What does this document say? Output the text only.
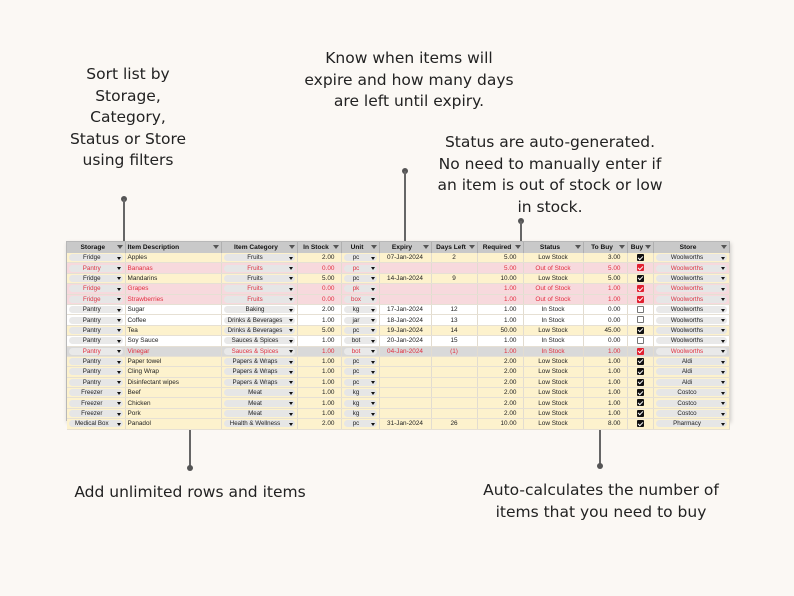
Sort list by
Storage,
Category,
Status or Store
using filters
Know when items will
expire and how many days
are left until expiry.
Status are auto-generated.
No need to manually enter if
an item is out of stock or low
in stock.
Add unlimited rows and items	Auto-calculates the number of
items that you need to buy
Storage	Item Description	Item Category	In Stock	Unit	Expiry	Days Left	Required	Status	To Buy	Buy	Store

Fridge	Apples	Fruits	2.00	pc	07-Jan-2024	2	5.00	Low Stock	3.00		Woolworths

Pantry	Bananas	Fruits	0.00	pc			5.00	Out of Stock	5.00		Woolworths

Fridge	Mandarins	Fruits	5.00	pc	14-Jan-2024	9	10.00	Low Stock	5.00		Woolworths

Fridge	Grapes	Fruits	0.00	pk			1.00	Out of Stock	1.00		Woolworths

Fridge	Strawberries	Fruits	0.00	box			1.00	Out of Stock	1.00		Woolworths

Pantry	Sugar	Baking	2.00	kg	17-Jan-2024	12	1.00	In Stock	0.00		Woolworths

Pantry	Coffee	Drinks & Beverages	1.00	jar	18-Jan-2024	13	1.00	In Stock	0.00		Woolworths

Pantry	Tea	Drinks & Beverages	5.00	pc	19-Jan-2024	14	50.00	Low Stock	45.00		Woolworths

Pantry	Soy Sauce	Sauces & Spices	1.00	bot	20-Jan-2024	15	1.00	In Stock	0.00		Woolworths

Pantry	Vinegar	Sauces & Spices	1.00	bot	04-Jan-2024	(1)	1.00	In Stock	1.00		Woolworths

Pantry	Paper towel	Papers & Wraps	1.00	pc			2.00	Low Stock	1.00		Aldi

Pantry	Cling Wrap	Papers & Wraps	1.00	pc			2.00	Low Stock	1.00		Aldi

Pantry	Disinfectant wipes	Papers & Wraps	1.00	pc			2.00	Low Stock	1.00		Aldi

Freezer	Beef	Meat	1.00	kg			2.00	Low Stock	1.00		Costco

Freezer	Chicken	Meat	1.00	kg			2.00	Low Stock	1.00		Costco

Freezer	Pork	Meat	1.00	kg			2.00	Low Stock	1.00		Costco

Medical Box	Panadol	Health & Wellness	2.00	pc	31-Jan-2024	26	10.00	Low Stock	8.00		Pharmacy
